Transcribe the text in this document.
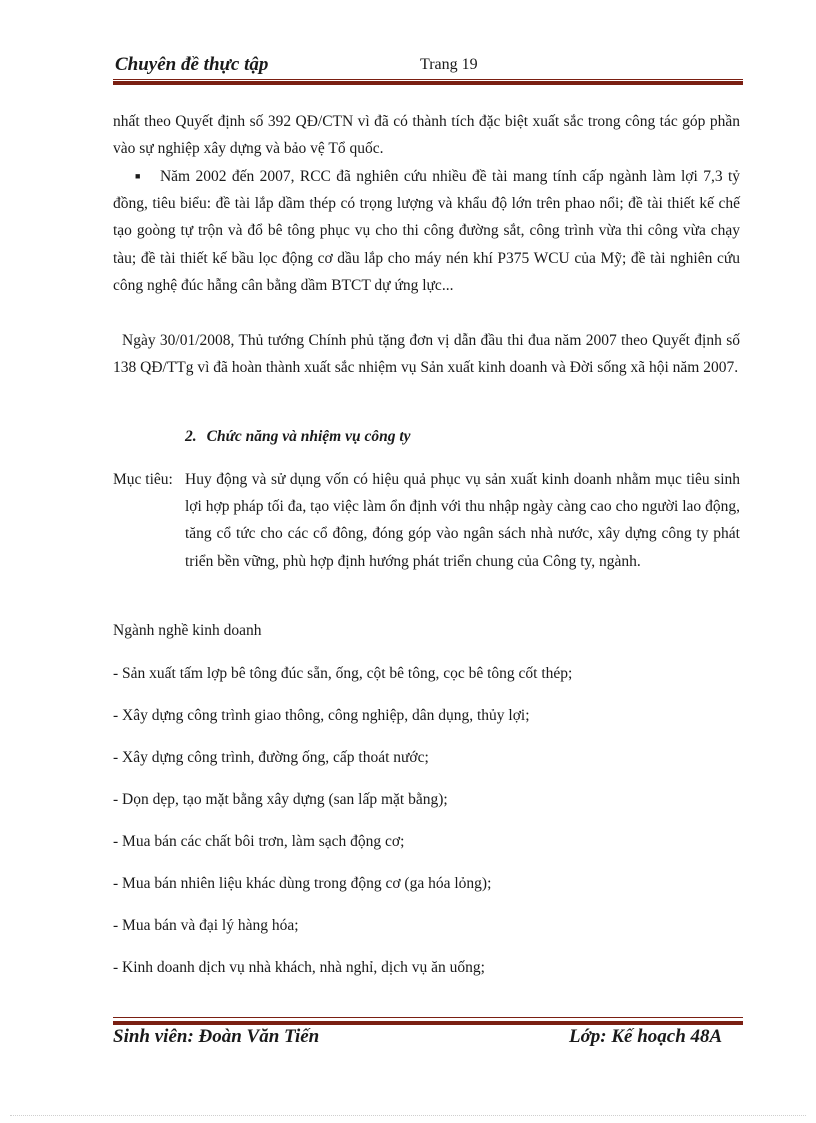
Chuyên đề thực tập	Trang 19

nhất theo Quyết định số 392 QĐ/CTN vì đã có thành tích đặc biệt xuất sắc trong công tác góp phần vào sự nghiệp xây dựng và bảo vệ Tổ quốc.

■ Năm 2002 đến 2007, RCC đã nghiên cứu nhiều đề tài mang tính cấp ngành làm lợi 7,3 tỷ đồng, tiêu biểu: đề tài lắp dầm thép có trọng lượng và khẩu độ lớn trên phao nổi; đề tài thiết kế chế tạo goòng tự trộn và đổ bê tông phục vụ cho thi công đường sắt, công trình vừa thi công vừa chạy tàu; đề tài thiết kế bầu lọc động cơ dầu lắp cho máy nén khí P375 WCU của Mỹ; đề tài nghiên cứu công nghệ đúc hẫng cân bằng dầm BTCT dự ứng lực...

Ngày 30/01/2008, Thủ tướng Chính phủ tặng đơn vị dẫn đầu thi đua năm 2007 theo Quyết định số 138 QĐ/TTg vì đã hoàn thành xuất sắc nhiệm vụ Sản xuất kinh doanh và Đời sống xã hội năm 2007.

2. Chức năng và nhiệm vụ công ty

Mục tiêu: Huy động và sử dụng vốn có hiệu quả phục vụ sản xuất kinh doanh nhằm mục tiêu sinh lợi hợp pháp tối đa, tạo việc làm ổn định với thu nhập ngày càng cao cho người lao động, tăng cổ tức cho các cổ đông, đóng góp vào ngân sách nhà nước, xây dựng công ty phát triển bền vững, phù hợp định hướng phát triển chung của Công ty, ngành.

Ngành nghề kinh doanh
- Sản xuất tấm lợp bê tông đúc sẵn, ống, cột bê tông, cọc bê tông cốt thép;
- Xây dựng công trình giao thông, công nghiệp, dân dụng, thủy lợi;
- Xây dựng công trình, đường ống, cấp thoát nước;
- Dọn dẹp, tạo mặt bằng xây dựng (san lấp mặt bằng);
- Mua bán các chất bôi trơn, làm sạch động cơ;
- Mua bán nhiên liệu khác dùng trong động cơ (ga hóa lỏng);
- Mua bán và đại lý hàng hóa;
- Kinh doanh dịch vụ nhà khách, nhà nghỉ, dịch vụ ăn uống;
Sinh viên: Đoàn Văn Tiến	Lớp: Kế hoạch 48A
